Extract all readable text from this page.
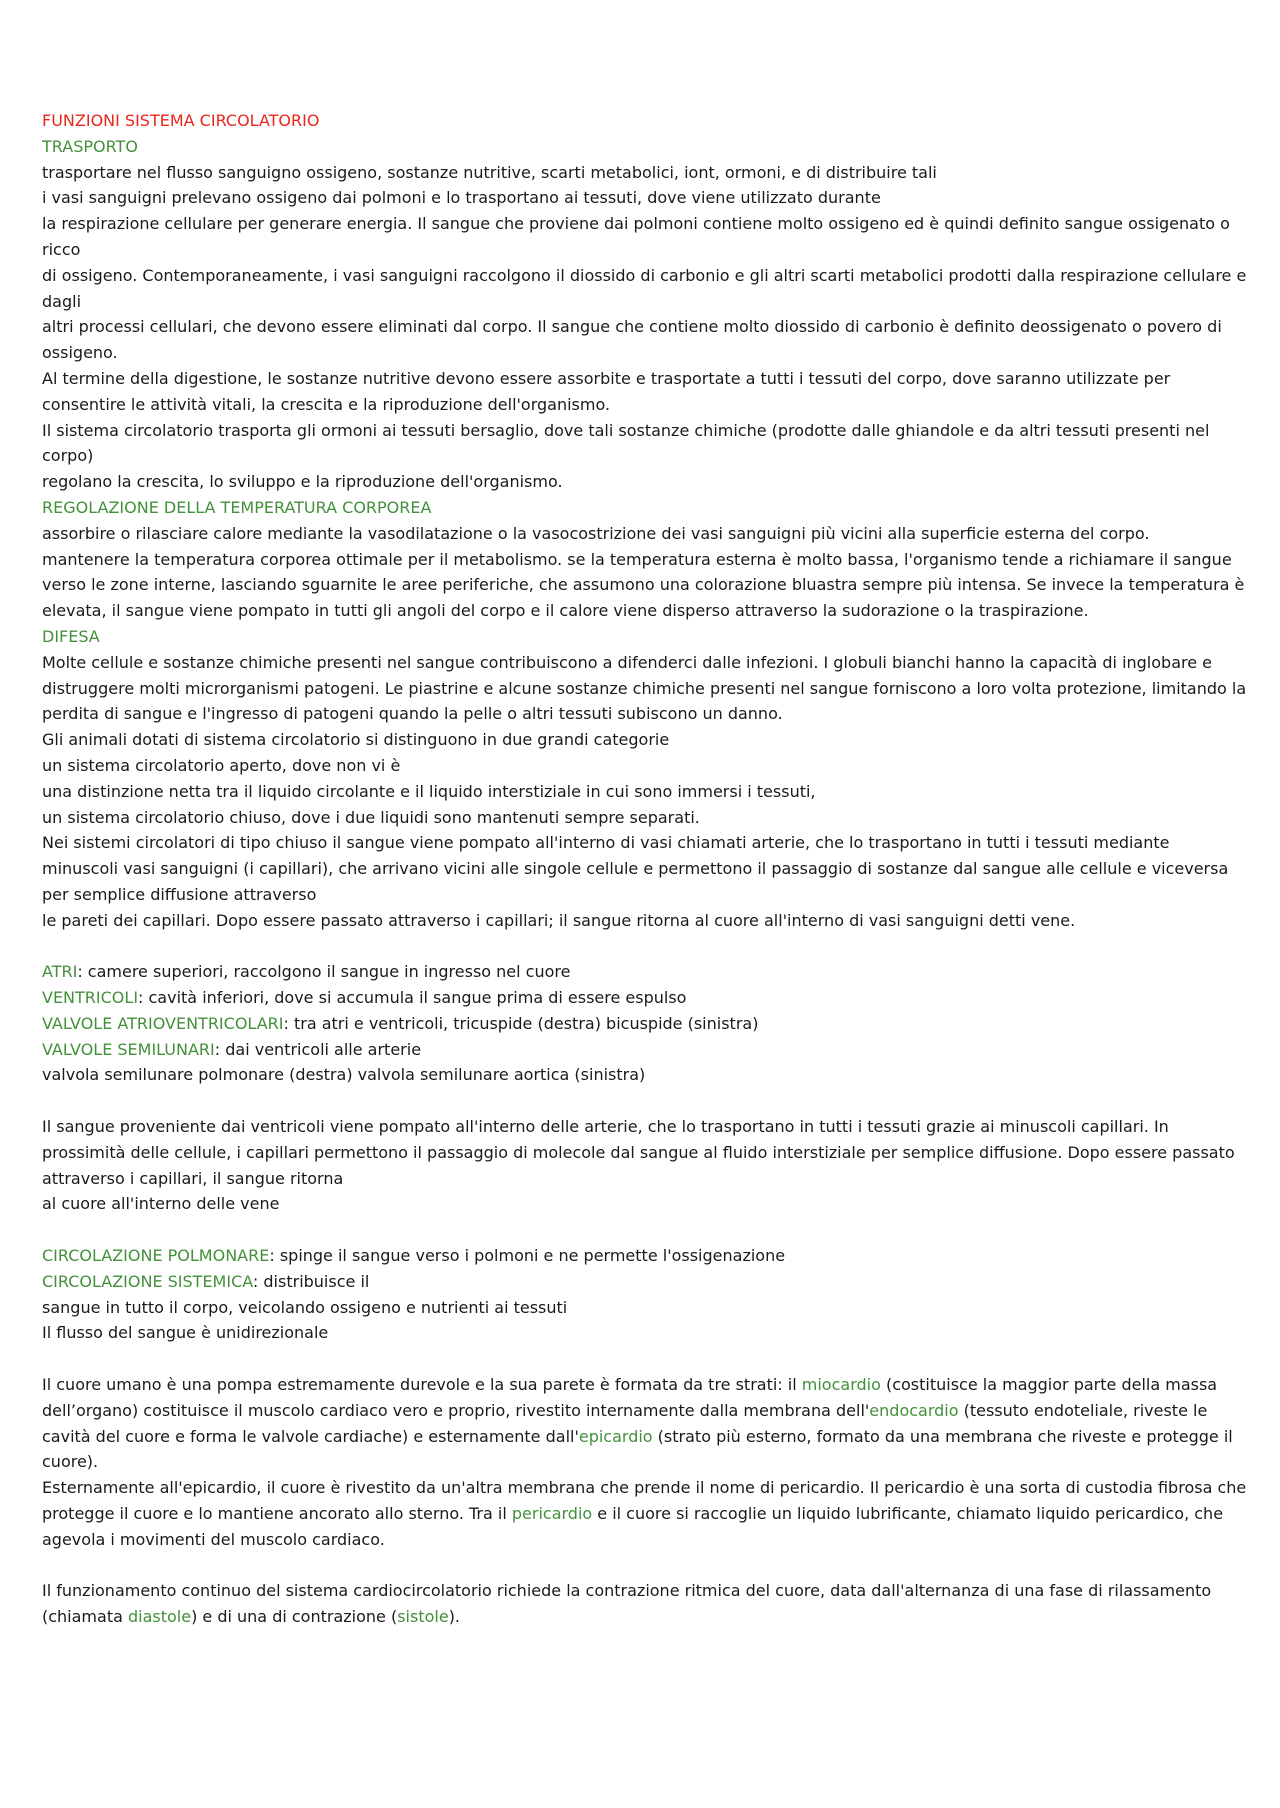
FUNZIONI SISTEMA CIRCOLATORIO

TRASPORTO

trasportare nel flusso sanguigno ossigeno, sostanze nutritive, scarti metabolici, iont, ormoni, e di distribuire tali

i vasi sanguigni prelevano ossigeno dai polmoni e lo trasportano ai tessuti, dove viene utilizzato durante

la respirazione cellulare per generare energia. Il sangue che proviene dai polmoni contiene molto ossigeno ed è quindi definito sangue ossigenato o ricco

di ossigeno. Contemporaneamente, i vasi sanguigni raccolgono il diossido di carbonio e gli altri scarti metabolici prodotti dalla respirazione cellulare e dagli

altri processi cellulari, che devono essere eliminati dal corpo. Il sangue che contiene molto diossido di carbonio è definito deossigenato o povero di ossigeno.

Al termine della digestione, le sostanze nutritive devono essere assorbite e trasportate a tutti i tessuti del corpo, dove saranno utilizzate per consentire le attività vitali, la crescita e la riproduzione dell'organismo.

Il sistema circolatorio trasporta gli ormoni ai tessuti bersaglio, dove tali sostanze chimiche (prodotte dalle ghiandole e da altri tessuti presenti nel corpo)

regolano la crescita, lo sviluppo e la riproduzione dell'organismo.

REGOLAZIONE DELLA TEMPERATURA CORPOREA

assorbire o rilasciare calore mediante la vasodilatazione o la vasocostrizione dei vasi sanguigni più vicini alla superficie esterna del corpo.

mantenere la temperatura corporea ottimale per il metabolismo. se la temperatura esterna è molto bassa, l'organismo tende a richiamare il sangue verso le zone interne, lasciando sguarnite le aree periferiche, che assumono una colorazione bluastra sempre più intensa. Se invece la temperatura è elevata, il sangue viene pompato in tutti gli angoli del corpo e il calore viene disperso attraverso la sudorazione o la traspirazione.

DIFESA

Molte cellule e sostanze chimiche presenti nel sangue contribuiscono a difenderci dalle infezioni. I globuli bianchi hanno la capacità di inglobare e distruggere molti microrganismi patogeni. Le piastrine e alcune sostanze chimiche presenti nel sangue forniscono a loro volta protezione, limitando la perdita di sangue e l'ingresso di patogeni quando la pelle o altri tessuti subiscono un danno.

Gli animali dotati di sistema circolatorio si distinguono in due grandi categorie

un sistema circolatorio aperto, dove non vi è

una distinzione netta tra il liquido circolante e il liquido interstiziale in cui sono immersi i tessuti,

un sistema circolatorio chiuso, dove i due liquidi sono mantenuti sempre separati.

Nei sistemi circolatori di tipo chiuso il sangue viene pompato all'interno di vasi chiamati arterie, che lo trasportano in tutti i tessuti mediante minuscoli vasi sanguigni (i capillari), che arrivano vicini alle singole cellule e permettono il passaggio di sostanze dal sangue alle cellule e viceversa per semplice diffusione attraverso

le pareti dei capillari. Dopo essere passato attraverso i capillari; il sangue ritorna al cuore all'interno di vasi sanguigni detti vene.

ATRI: camere superiori, raccolgono il sangue in ingresso nel cuore

VENTRICOLI: cavità inferiori, dove si accumula il sangue prima di essere espulso

VALVOLE ATRIOVENTRICOLARI: tra atri e ventricoli, tricuspide (destra) bicuspide (sinistra)

VALVOLE SEMILUNARI: dai ventricoli alle arterie

valvola semilunare polmonare (destra) valvola semilunare aortica (sinistra)

Il sangue proveniente dai ventricoli viene pompato all'interno delle arterie, che lo trasportano in tutti i tessuti grazie ai minuscoli capillari. In prossimità delle cellule, i capillari permettono il passaggio di molecole dal sangue al fluido interstiziale per semplice diffusione. Dopo essere passato attraverso i capillari, il sangue ritorna

al cuore all'interno delle vene

CIRCOLAZIONE POLMONARE: spinge il sangue verso i polmoni e ne permette l'ossigenazione

CIRCOLAZIONE SISTEMICA: distribuisce il

sangue in tutto il corpo, veicolando ossigeno e nutrienti ai tessuti

Il flusso del sangue è unidirezionale

Il cuore umano è una pompa estremamente durevole e la sua parete è formata da tre strati: il miocardio (costituisce la maggior parte della massa dell’organo) costituisce il muscolo cardiaco vero e proprio, rivestito internamente dalla membrana dell'endocardio (tessuto endoteliale, riveste le cavità del cuore e forma le valvole cardiache) e esternamente dall'epicardio (strato più esterno, formato da una membrana che riveste e protegge il cuore).

Esternamente all'epicardio, il cuore è rivestito da un'altra membrana che prende il nome di pericardio. Il pericardio è una sorta di custodia fibrosa che protegge il cuore e lo mantiene ancorato allo sterno. Tra il pericardio e il cuore si raccoglie un liquido lubrificante, chiamato liquido pericardico, che agevola i movimenti del muscolo cardiaco.

Il funzionamento continuo del sistema cardiocircolatorio richiede la contrazione ritmica del cuore, data dall'alternanza di una fase di rilassamento (chiamata diastole) e di una di contrazione (sistole).
